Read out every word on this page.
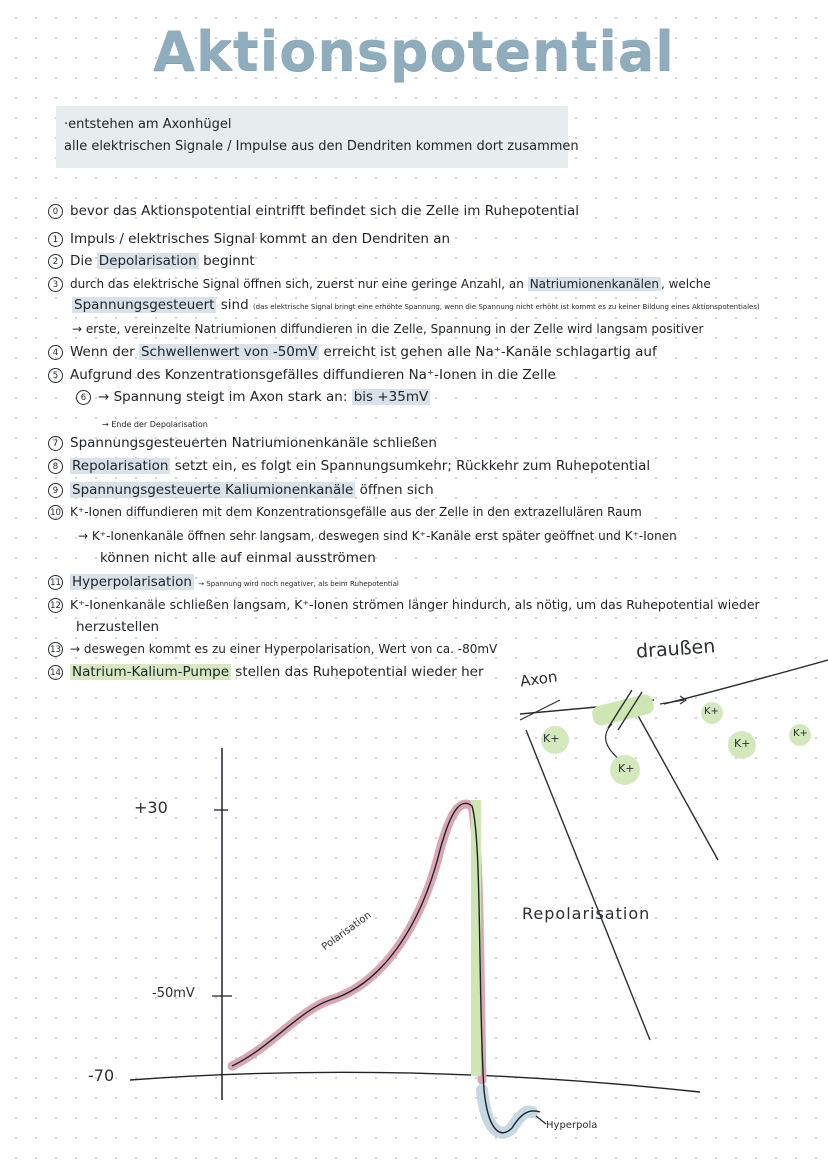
Aktionspotential
·entstehen am Axonhügel
alle elektrischen Signale / Impulse aus den Dendriten kommen dort zusammen
0 bevor das Aktionspotential eintrifft befindet sich die Zelle im Ruhepotential
1 Impuls / elektrisches Signal kommt an den Dendriten an
2 Die Depolarisation beginnt
3 durch das elektrische Signal öffnen sich, zuerst nur eine geringe Anzahl, an Natriumionenkanälen , welche
Spannungsgesteuert sind (das elektrische Signal bringt eine erhöhte Spannung, wenn die Spannung nicht erhöht ist kommt es zu keiner Bildung eines Aktionspotentiales)
→ erste, vereinzelte Natriumionen diffundieren in die Zelle, Spannung in der Zelle wird langsam positiver
4 Wenn der Schwellenwert von -50mV erreicht ist gehen alle Na⁺-Kanäle schlagartig auf
5 Aufgrund des Konzentrationsgefälles diffundieren Na⁺-Ionen in die Zelle
6 → Spannung steigt im Axon stark an: bis +35mV
→ Ende der Depolarisation
7 Spannungsgesteuerten Natriumionenkanäle schließen
8 Repolarisation setzt ein, es folgt ein Spannungsumkehr; Rückkehr zum Ruhepotential
9 Spannungsgesteuerte Kaliumionenkanäle öffnen sich
10 K⁺-Ionen diffundieren mit dem Konzentrationsgefälle aus der Zelle in den extrazellulären Raum
→ K⁺-Ionenkanäle öffnen sehr langsam, deswegen sind K⁺-Kanäle erst später geöffnet und K⁺-Ionen
können nicht alle auf einmal ausströmen
11 Hyperpolarisation → Spannung wird noch negativer, als beim Ruhepotential
12 K⁺-Ionenkanäle schließen langsam, K⁺-Ionen strömen länger hindurch, als nötig, um das Ruhepotential wieder
herzustellen
13 → deswegen kommt es zu einer Hyperpolarisation, Wert von ca. -80mV
14 Natrium-Kalium-Pumpe stellen das Ruhepotential wieder her Axon
draußen
K+
K+
K+
K+
K+
+30
-50mV
-70
Polarisation	Repolarisation
Hyperpola
